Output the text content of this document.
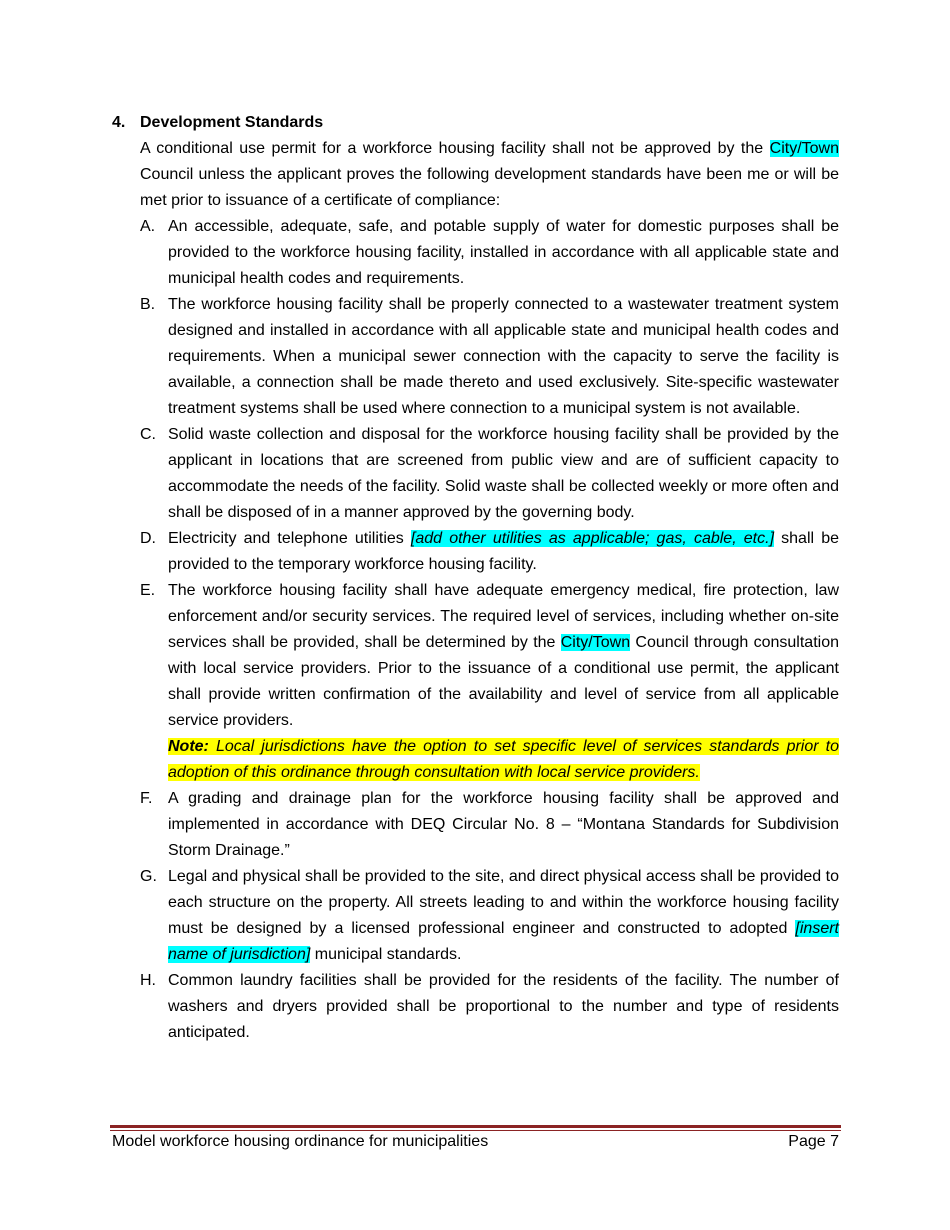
4. Development Standards
A conditional use permit for a workforce housing facility shall not be approved by the City/Town Council unless the applicant proves the following development standards have been me or will be met prior to issuance of a certificate of compliance:
A. An accessible, adequate, safe, and potable supply of water for domestic purposes shall be provided to the workforce housing facility, installed in accordance with all applicable state and municipal health codes and requirements.
B. The workforce housing facility shall be properly connected to a wastewater treatment system designed and installed in accordance with all applicable state and municipal health codes and requirements. When a municipal sewer connection with the capacity to serve the facility is available, a connection shall be made thereto and used exclusively. Site-specific wastewater treatment systems shall be used where connection to a municipal system is not available.
C. Solid waste collection and disposal for the workforce housing facility shall be provided by the applicant in locations that are screened from public view and are of sufficient capacity to accommodate the needs of the facility. Solid waste shall be collected weekly or more often and shall be disposed of in a manner approved by the governing body.
D. Electricity and telephone utilities [add other utilities as applicable; gas, cable, etc.] shall be provided to the temporary workforce housing facility.
E. The workforce housing facility shall have adequate emergency medical, fire protection, law enforcement and/or security services. The required level of services, including whether on-site services shall be provided, shall be determined by the City/Town Council through consultation with local service providers. Prior to the issuance of a conditional use permit, the applicant shall provide written confirmation of the availability and level of service from all applicable service providers.
Note: Local jurisdictions have the option to set specific level of services standards prior to adoption of this ordinance through consultation with local service providers.
F. A grading and drainage plan for the workforce housing facility shall be approved and implemented in accordance with DEQ Circular No. 8 – “Montana Standards for Subdivision Storm Drainage.”
G. Legal and physical shall be provided to the site, and direct physical access shall be provided to each structure on the property. All streets leading to and within the workforce housing facility must be designed by a licensed professional engineer and constructed to adopted [insert name of jurisdiction] municipal standards.
H. Common laundry facilities shall be provided for the residents of the facility. The number of washers and dryers provided shall be proportional to the number and type of residents anticipated.
Model workforce housing ordinance for municipalities	Page 7
